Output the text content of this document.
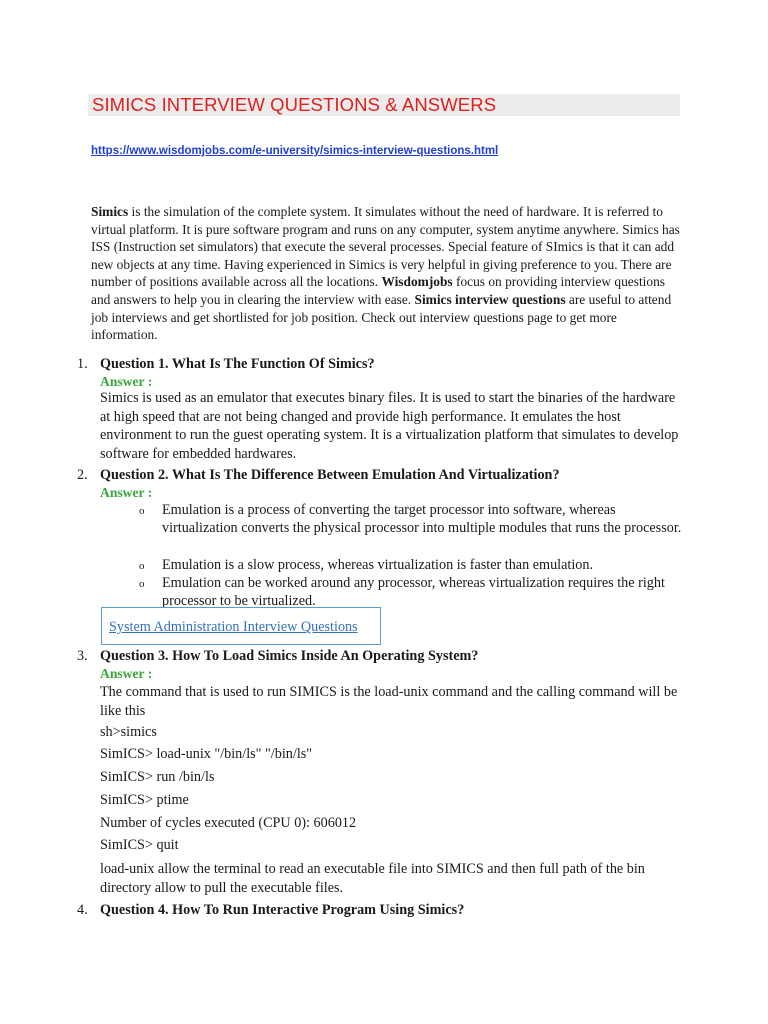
SIMICS INTERVIEW QUESTIONS & ANSWERS
https://www.wisdomjobs.com/e-university/simics-interview-questions.html

Simics is the simulation of the complete system. It simulates without the need of hardware. It is referred to virtual platform. It is pure software program and runs on any computer, system anytime anywhere. Simics has ISS (Instruction set simulators) that execute the several processes. Special feature of SImics is that it can add new objects at any time. Having experienced in Simics is very helpful in giving preference to you. There are number of positions available across all the locations. Wisdomjobs focus on providing interview questions and answers to help you in clearing the interview with ease. Simics interview questions are useful to attend job interviews and get shortlisted for job position. Check out interview questions page to get more information.

1. Question 1. What Is The Function Of Simics?
Answer :

Simics is used as an emulator that executes binary files. It is used to start the binaries of the hardware at high speed that are not being changed and provide high performance. It emulates the host environment to run the guest operating system. It is a virtualization platform that simulates to develop software for embedded hardwares.

2. Question 2. What Is The Difference Between Emulation And Virtualization?
Answer :
o Emulation is a process of converting the target processor into software, whereas virtualization converts the physical processor into multiple modules that runs the processor.

o Emulation is a slow process, whereas virtualization is faster than emulation.

o Emulation can be worked around any processor, whereas virtualization requires the right processor to be virtualized.

System Administration Interview Questions
3. Question 3. How To Load Simics Inside An Operating System?
Answer :

The command that is used to run SIMICS is the load-unix command and the calling command will be like this

sh>simics
SimICS> load-unix "/bin/ls" "/bin/ls"
SimICS> run /bin/ls
SimICS> ptime
Number of cycles executed (CPU 0): 606012
SimICS> quit

load-unix allow the terminal to read an executable file into SIMICS and then full path of the bin directory allow to pull the executable files.

4. Question 4. How To Run Interactive Program Using Simics?
